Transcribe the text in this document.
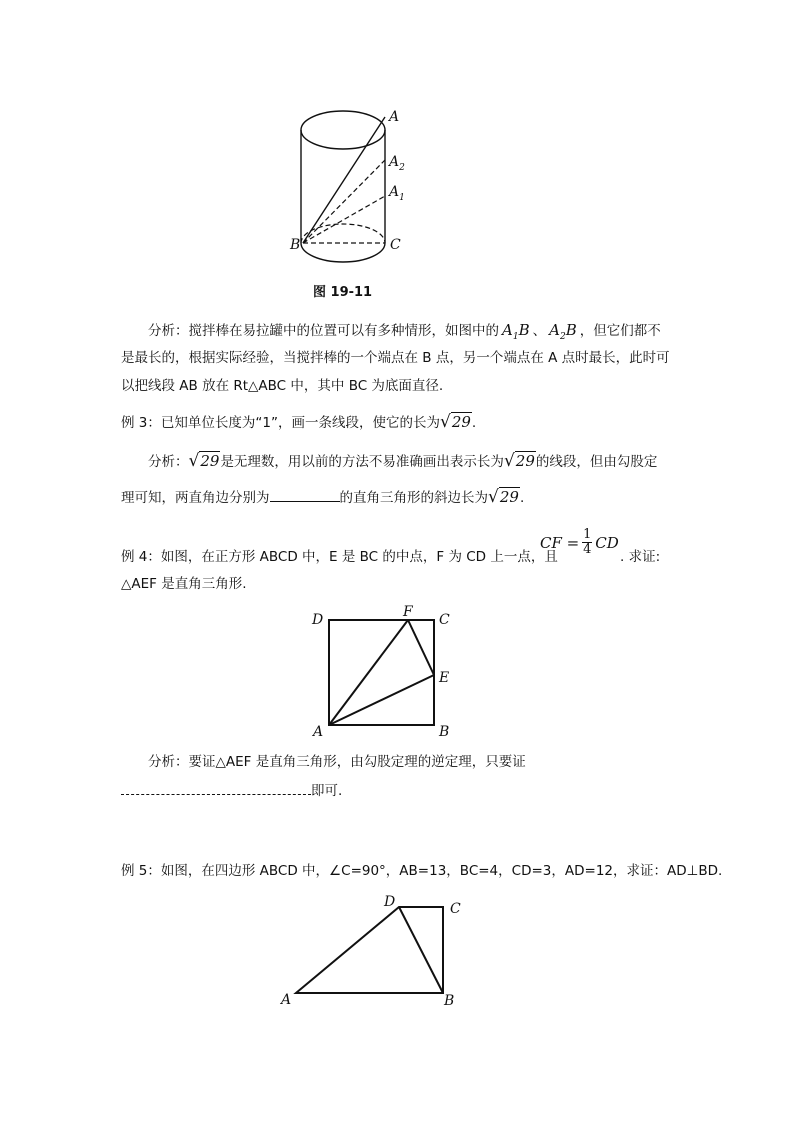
A
$A_2$
$A_1$
B	C
图 19-11
分析：搅拌棒在易拉罐中的位置可以有多种情形，如图中的 $A_1B$ 、 $A_2B$ ，但它们都不
是最长的，根据实际经验，当搅拌棒的一个端点在 B 点，另一个端点在 A 点时最长，此时可
以把线段 AB 放在 Rt△ABC 中，其中 BC 为底面直径.
例 3：已知单位长度为“1”，画一条线段，使它的长为√29.
分析：√29是无理数，用以前的方法不易准确画出表示长为√29的线段，但由勾股定
理可知，两直角边分别为	的直角三角形的斜边长为√29.
例 4：如图，在正方形 ABCD 中，E 是 BC 的中点，F 为 CD 上一点，且
CF = 1
4 CD
. 求证:
△AEF 是直角三角形.
D	F C
E
A	B
分析：要证△AEF 是直角三角形，由勾股定理的逆定理，只要证
即可.
例 5：如图，在四边形 ABCD 中，∠C=90°，AB=13，BC=4，CD=3，AD=12，求证：AD⊥BD.
D	C
A	B
